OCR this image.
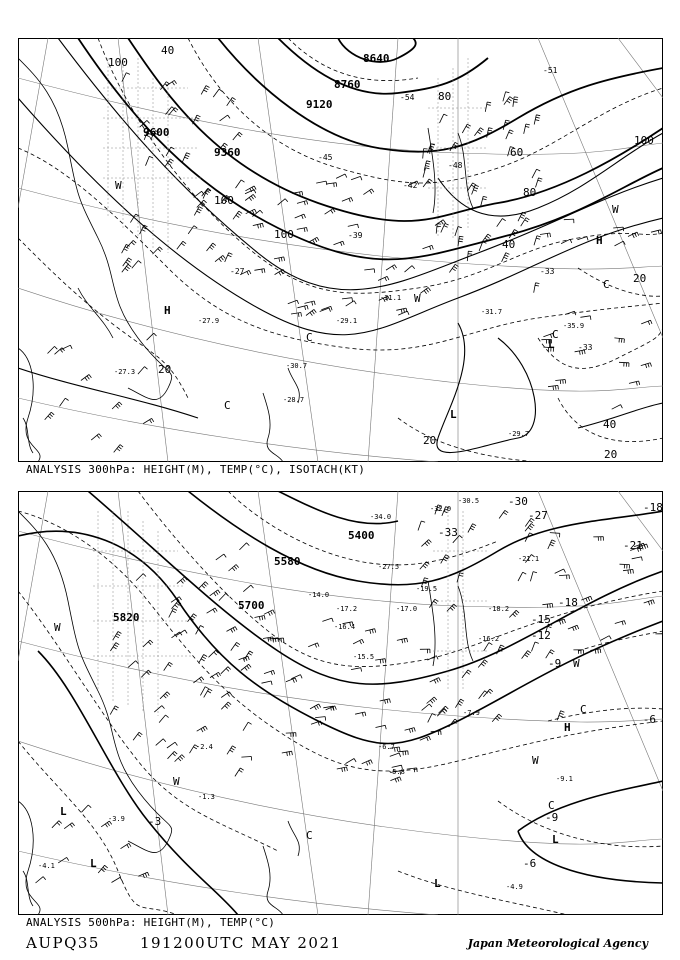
9600
9360
9120
8760
8640
20
20
20
20
40
40
40
60
100
80
80
100
100
100
-27	-33
-33
-39
-42
-45
-48
-51
-54
-27.9	-29.1
-30.7
-31.1
-31.7
-35.9
-29.7
-28.7
-27.3
H
H
L
L
C
C
C
C
W
W
W
ANALYSIS 300hPa: HEIGHT(M), TEMP(°C), ISOTACH(KT)
5820
5700
5580
5400
-3
-6
-6
-9
-9
-12
-15
-18
-21
-27
-30
-33
-18
-4.9
-5.8
-9.1
-16.2
-17.0	-18.2
-21.1
-7.9
-2.4
-1.3
-3.9
-4.1
-6.7
-16.4
-14.0
-15.5
-17.2
-19.5
-27.5
-30.5
-32.0
-34.0
H
L
L
L
L
C
C
C
W
W
W
W
ANALYSIS 500hPa: HEIGHT(M), TEMP(°C)
AUPQ35	191200UTC MAY 2021	Japan Meteorological Agency
